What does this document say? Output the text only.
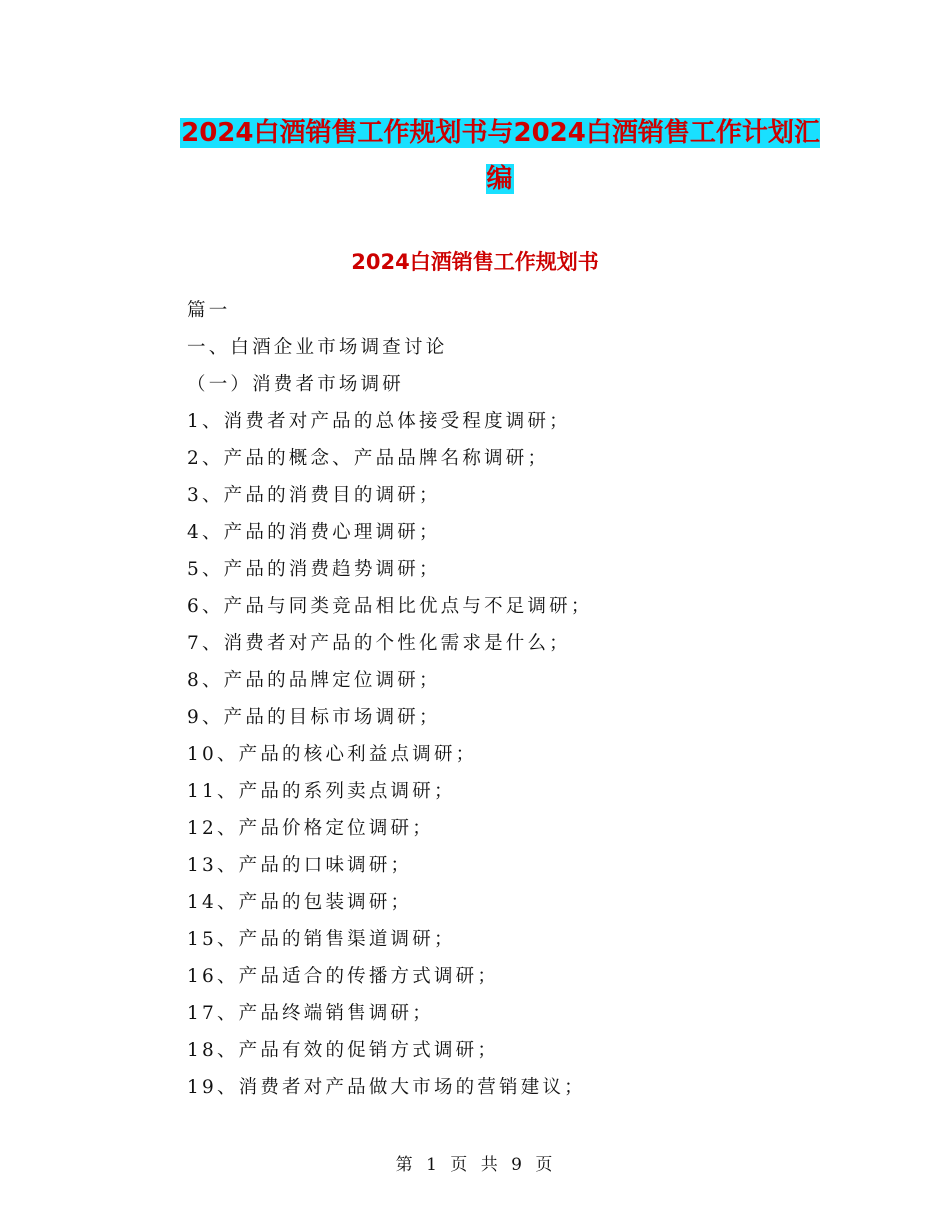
2024白酒销售工作规划书与2024白酒销售工作计划汇编
2024白酒销售工作规划书
篇一
一、白酒企业市场调查讨论
（一）消费者市场调研
1、消费者对产品的总体接受程度调研；
2、产品的概念、产品品牌名称调研；
3、产品的消费目的调研；
4、产品的消费心理调研；
5、产品的消费趋势调研；
6、产品与同类竞品相比优点与不足调研；
7、消费者对产品的个性化需求是什么；
8、产品的品牌定位调研；
9、产品的目标市场调研；
10、产品的核心利益点调研；
11、产品的系列卖点调研；
12、产品价格定位调研；
13、产品的口味调研；
14、产品的包装调研；
15、产品的销售渠道调研；
16、产品适合的传播方式调研；
17、产品终端销售调研；
18、产品有效的促销方式调研；
19、消费者对产品做大市场的营销建议；
第 1 页 共 9 页
